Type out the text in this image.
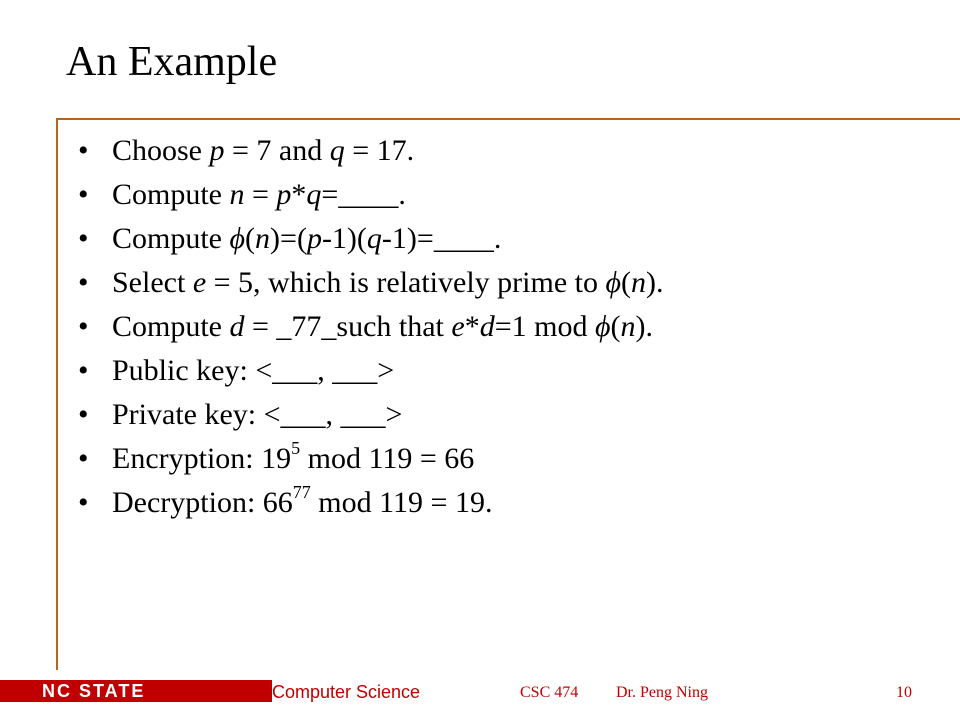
An Example
• Choose p = 7 and q = 17.
• Compute n = p*q=____.
• Compute ϕ(n)=(p-1)(q-1)=____.
• Select e = 5, which is relatively prime to ϕ(n).
• Compute d = _77_such that e*d=1 mod ϕ(n).
• Public key: <___, ___>
• Private key: <___, ___>
• Encryption: $19^5$ mod 119 = 66
• Decryption: $66^{77}$ mod 119 = 19.
NC STATE UNIVERSITY
Computer Science	CSC 474 Dr. Peng Ning	10
